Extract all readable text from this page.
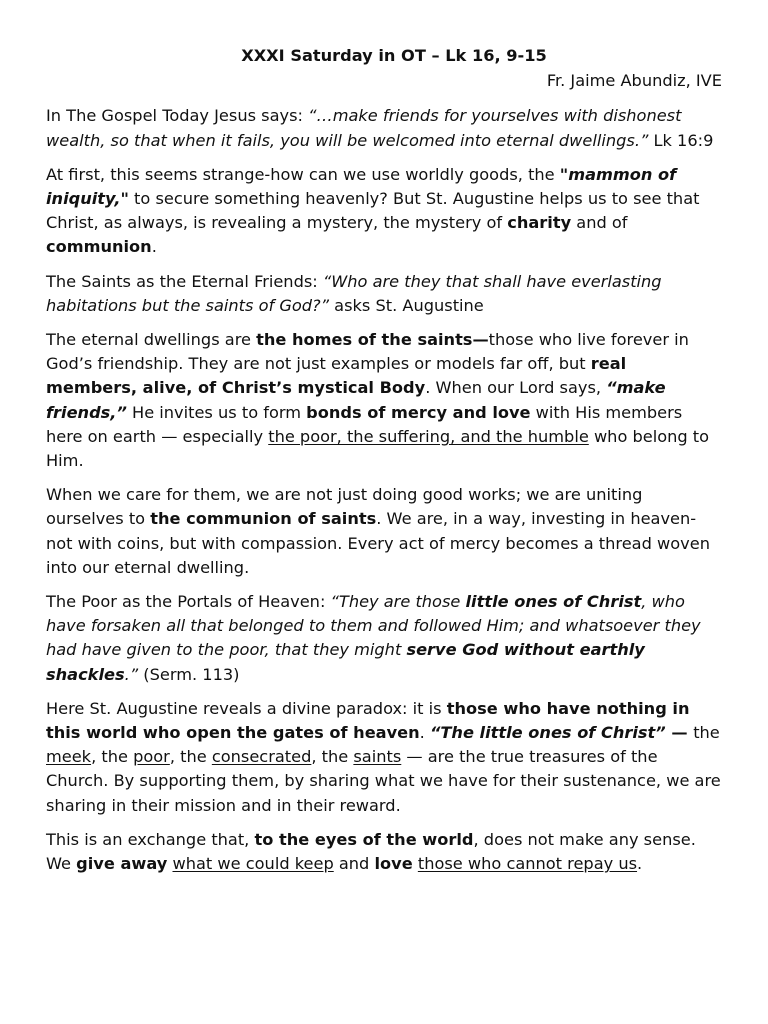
XXXI Saturday in OT – Lk 16, 9-15
Fr. Jaime Abundiz, IVE

In The Gospel Today Jesus says: “…make friends for yourselves with dishonest wealth, so that when it fails, you will be welcomed into eternal dwellings.” Lk 16:9

At first, this seems strange-how can we use worldly goods, the "mammon of iniquity," to secure something heavenly? But St. Augustine helps us to see that Christ, as always, is revealing a mystery, the mystery of charity and of communion.

The Saints as the Eternal Friends: “Who are they that shall have everlasting habitations but the saints of God?” asks St. Augustine

The eternal dwellings are the homes of the saints—those who live forever in God’s friendship. They are not just examples or models far off, but real members, alive, of Christ’s mystical Body. When our Lord says, “make friends,” He invites us to form bonds of mercy and love with His members here on earth — especially the poor, the suffering, and the humble who belong to Him.

When we care for them, we are not just doing good works; we are uniting ourselves to the communion of saints. We are, in a way, investing in heaven-not with coins, but with compassion. Every act of mercy becomes a thread woven into our eternal dwelling.

The Poor as the Portals of Heaven: “They are those little ones of Christ, who have forsaken all that belonged to them and followed Him; and whatsoever they had have given to the poor, that they might serve God without earthly shackles.” (Serm. 113)

Here St. Augustine reveals a divine paradox: it is those who have nothing in this world who open the gates of heaven. “The little ones of Christ” — the meek, the poor, the consecrated, the saints — are the true treasures of the Church. By supporting them, by sharing what we have for their sustenance, we are sharing in their mission and in their reward.

This is an exchange that, to the eyes of the world, does not make any sense. We give away what we could keep and love those who cannot repay us.
